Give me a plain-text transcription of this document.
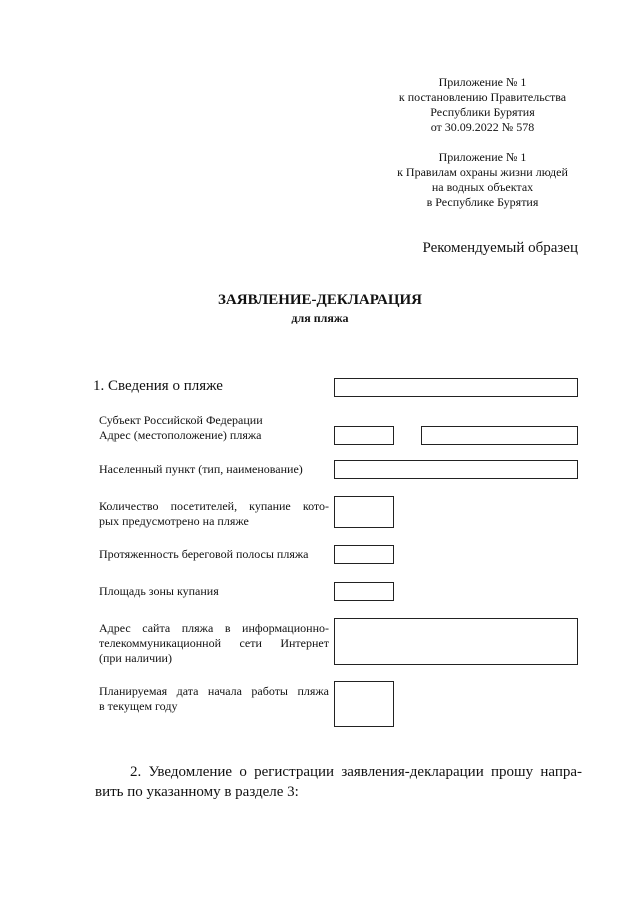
Приложение № 1
к постановлению Правительства
Республики Бурятия
от 30.09.2022 № 578
Приложение № 1
к Правилам охраны жизни людей
на водных объектах
в Республике Бурятия
Рекомендуемый образец
ЗАЯВЛЕНИЕ-ДЕКЛАРАЦИЯ
для пляжа
1. Сведения о пляже
Субъект Российской Федерации
Адрес (местоположение) пляжа
Населенный пункт (тип, наименование)
Количество посетителей, купание кото-
рых предусмотрено на пляже
Протяженность береговой полосы пляжа
Площадь зоны купания
Адрес сайта пляжа в информационно-
телекоммуникационной сети Интернет
(при наличии)
Планируемая дата начала работы пляжа
в текущем году
2. Уведомление о регистрации заявления-декларации прошу напра-вить по указанному в разделе 3:
